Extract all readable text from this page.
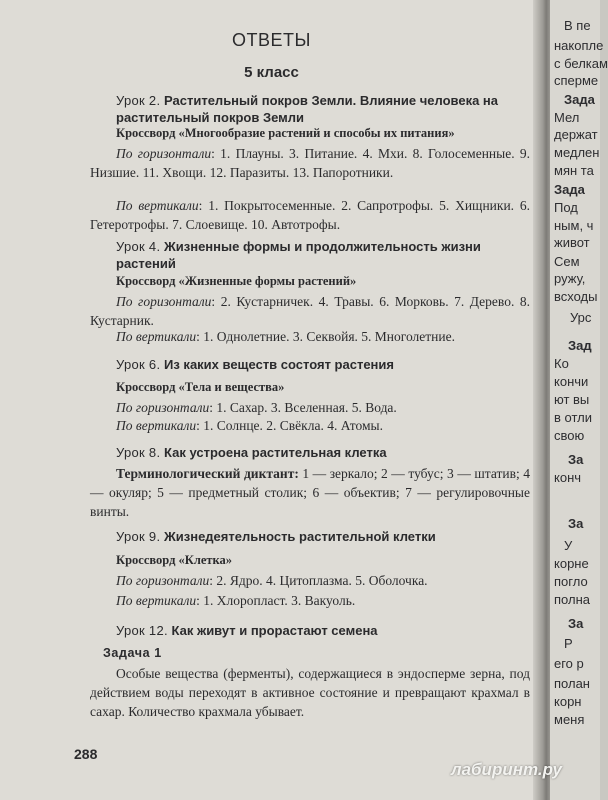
ОТВЕТЫ
5 класс
Урок 2. Растительный покров Земли. Влияние человека на растительный покров Земли
Кроссворд «Многообразие растений и способы их питания»
По горизонтали: 1. Плауны. 3. Питание. 4. Мхи. 8. Голосеменные. 9. Низшие. 11. Хвощи. 12. Паразиты. 13. Папоротники.
По вертикали: 1. Покрытосеменные. 2. Сапротрофы. 5. Хищники. 6. Гетеротрофы. 7. Слоевище. 10. Автотрофы.
Урок 4. Жизненные формы и продолжительность жизни растений
Кроссворд «Жизненные формы растений»
По горизонтали: 2. Кустарничек. 4. Травы. 6. Морковь. 7. Дерево. 8. Кустарник.
По вертикали: 1. Однолетние. 3. Секвойя. 5. Многолетние.
Урок 6. Из каких веществ состоят растения
Кроссворд «Тела и вещества»
По горизонтали: 1. Сахар. 3. Вселенная. 5. Вода.
По вертикали: 1. Солнце. 2. Свёкла. 4. Атомы.
Урок 8. Как устроена растительная клетка
Терминологический диктант: 1 — зеркало; 2 — тубус; 3 — штатив; 4 — окуляр; 5 — предметный столик; 6 — объектив; 7 — регулировочные винты.
Урок 9. Жизнедеятельность растительной клетки
Кроссворд «Клетка»
По горизонтали: 2. Ядро. 4. Цитоплазма. 5. Оболочка.
По вертикали: 1. Хлоропласт. 3. Вакуоль.
Урок 12. Как живут и прорастают семена
Задача 1
Особые вещества (ферменты), содержащиеся в эндосперме зерна, под действием воды переходят в активное состояние и превращают крахмал в сахар. Количество крахмала убывает.
288
В пе
накопле
с белкам
сперме
Зада
Мел
держат
медлен
мян та
Зада
Под
ным, ч
живот
Сем
ружу,
всходы
Урс
Зад
Ко
кончи
ют вы
в отли
свою
За
конч
За
У
корне
погло
полна
За
Р
его р
полан
корн
меня
лабиринт.ру
